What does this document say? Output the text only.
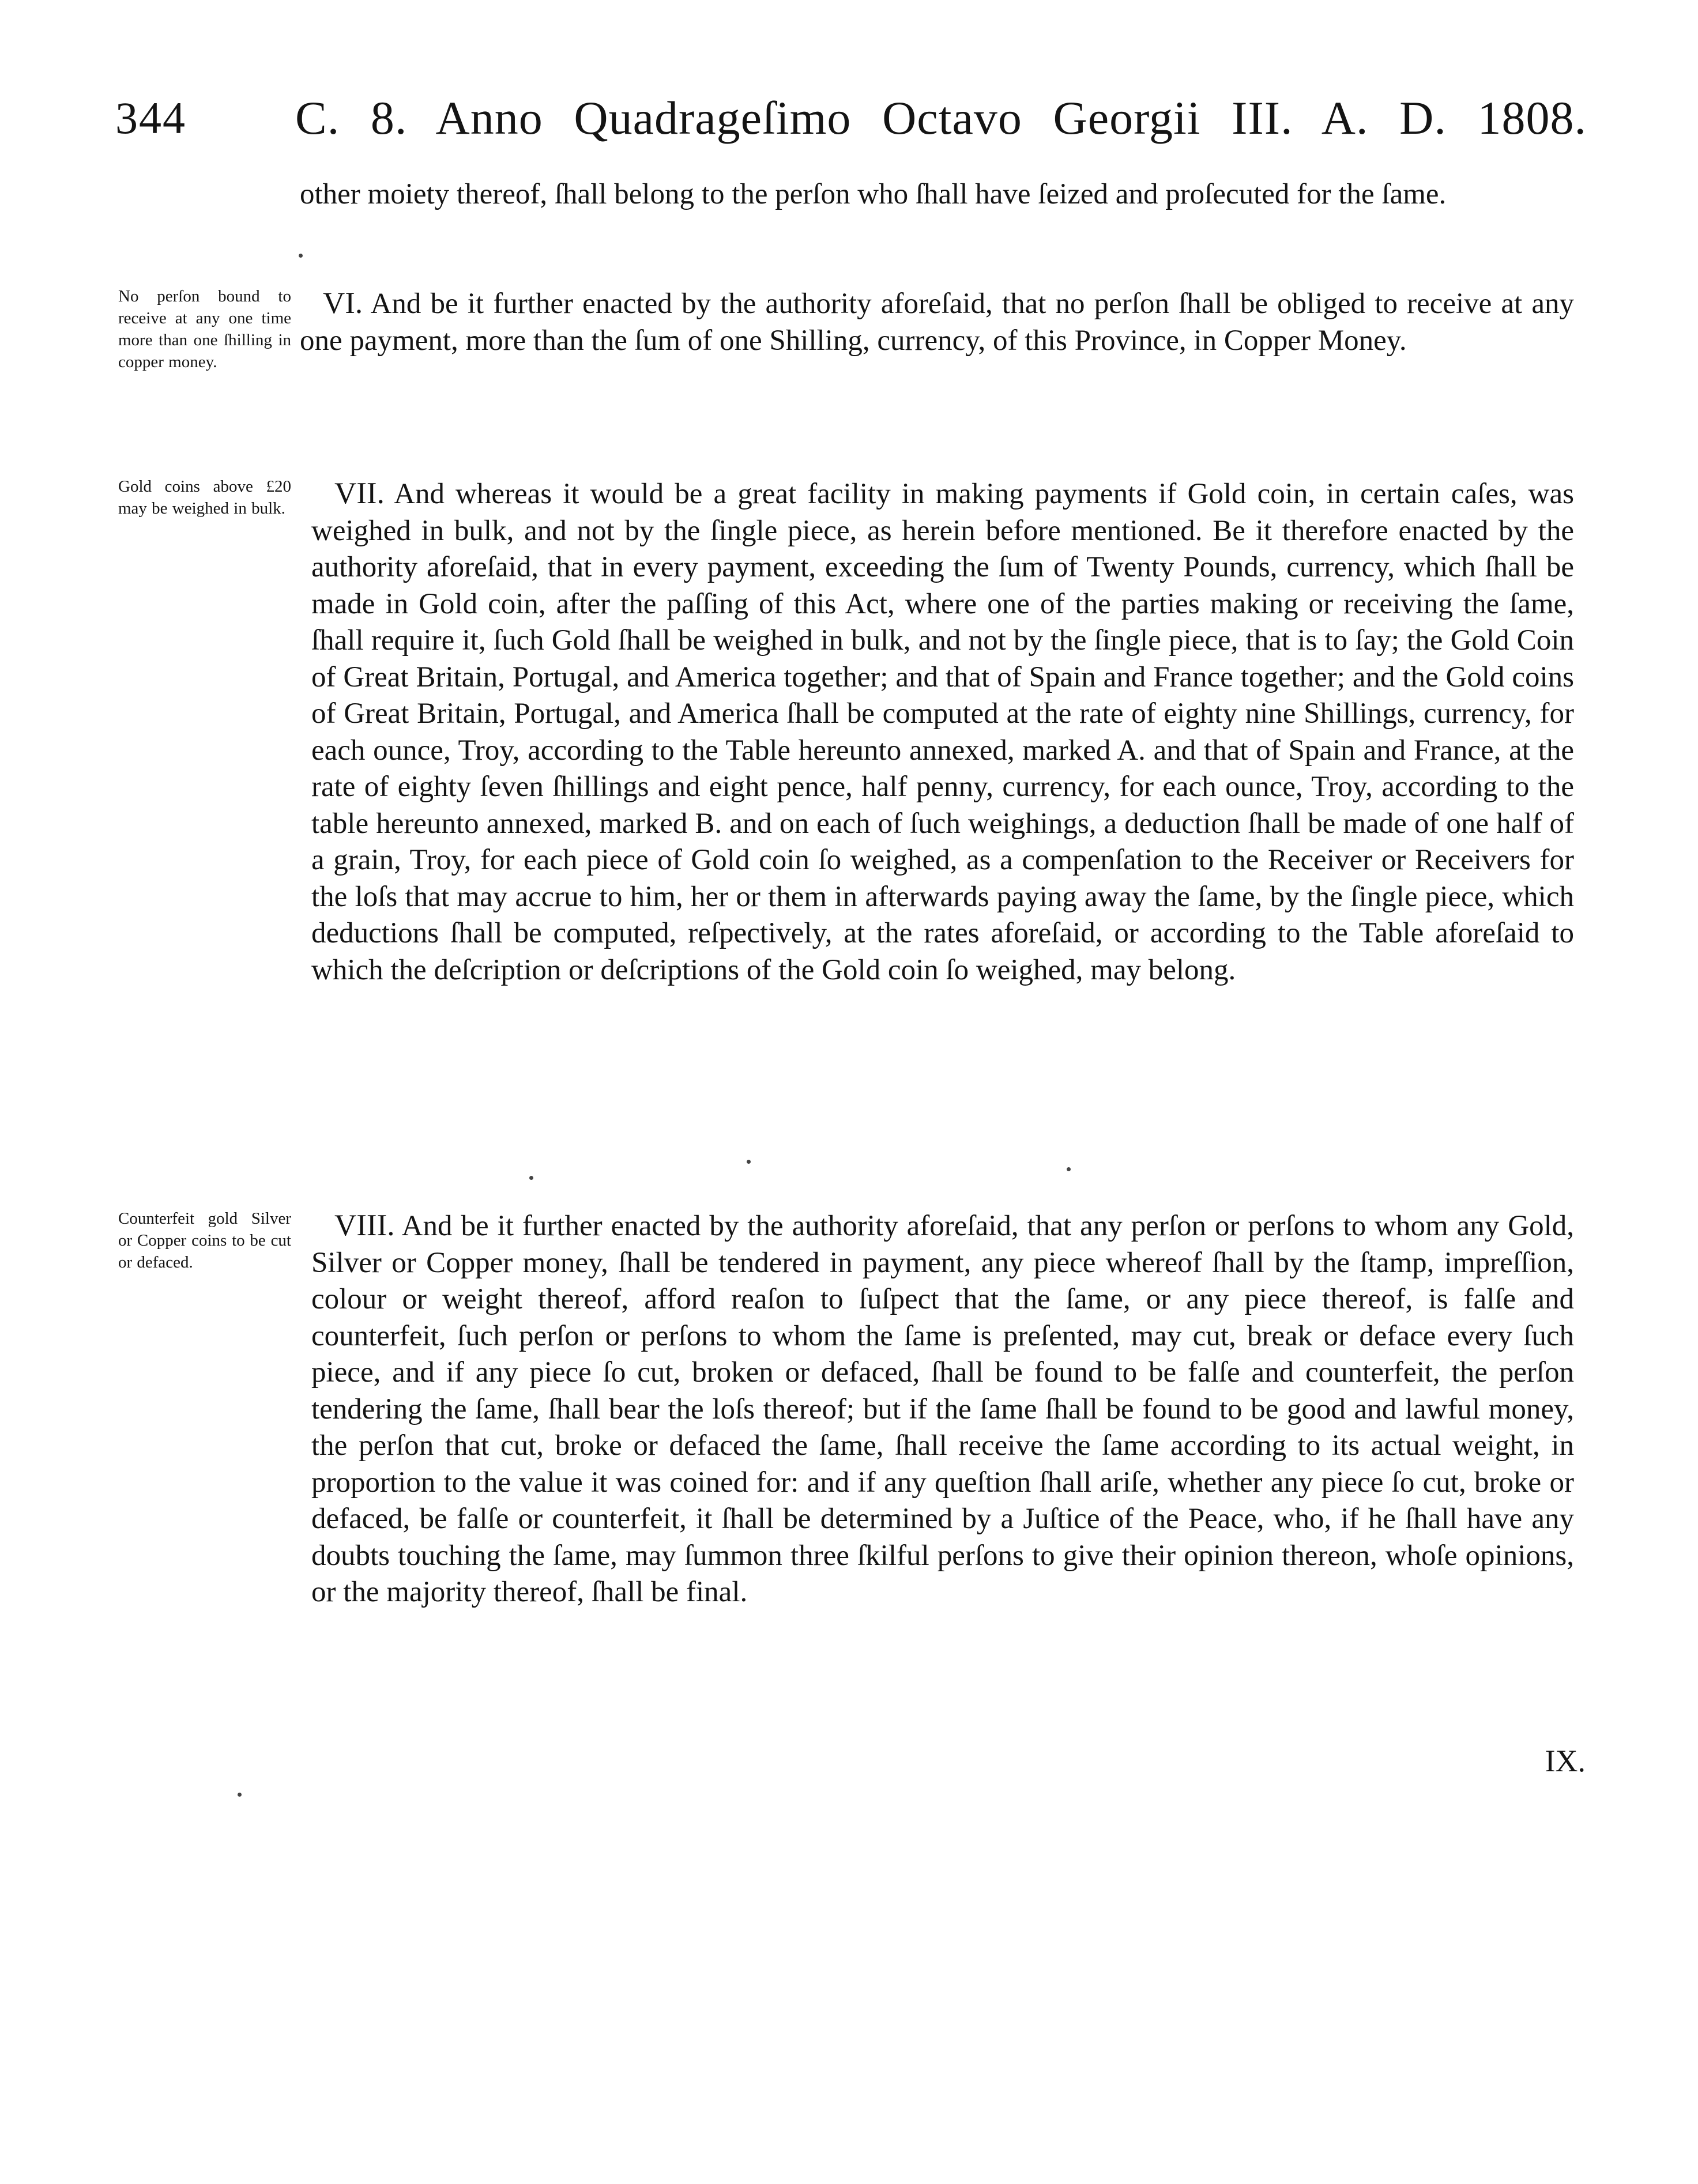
344 C. 8. Anno Quadrageſimo Octavo Georgii III. A. D. 1808.

other moiety thereof, ſhall belong to the perſon who ſhall have ſeized and proſecuted for the ſame.

No perſon bound to receive at any one time more than one ſhilling in copper money.

VI. And be it further enacted by the authority aforeſaid, that no perſon ſhall be obliged to receive at any one payment, more than the ſum of one Shilling, currency, of this Province, in Copper Money.

Gold coins above £20 may be weighed in bulk.	VII. And whereas it would be a great facility in making payments if Gold coin, in certain caſes, was weighed in bulk, and not by the ſingle piece, as herein before mentioned. Be it therefore enacted by the authority aforeſaid, that in every payment, exceeding the ſum of Twenty Pounds, currency, which ſhall be made in Gold coin, after the paſſing of this Act, where one of the parties making or receiving the ſame, ſhall require it, ſuch Gold ſhall be weighed in bulk, and not by the ſingle piece, that is to ſay; the Gold Coin of Great Britain, Portugal, and America together; and that of Spain and France together; and the Gold coins of Great Britain, Portugal, and America ſhall be computed at the rate of eighty nine Shillings, currency, for each ounce, Troy, according to the Table hereunto annexed, marked A. and that of Spain and France, at the rate of eighty ſeven ſhillings and eight pence, half penny, currency, for each ounce, Troy, according to the table hereunto annexed, marked B. and on each of ſuch weighings, a deduction ſhall be made of one half of a grain, Troy, for each piece of Gold coin ſo weighed, as a compenſation to the Receiver or Receivers for the loſs that may accrue to him, her or them in afterwards paying away the ſame, by the ſingle piece, which deductions ſhall be computed, reſpectively, at the rates aforeſaid, or according to the Table aforeſaid to which the deſcription or deſcriptions of the Gold coin ſo weighed, may belong.

Counterfeit gold Silver or Copper coins to be cut or defaced.

VIII. And be it further enacted by the authority aforeſaid, that any perſon or perſons to whom any Gold, Silver or Copper money, ſhall be tendered in payment, any piece whereof ſhall by the ſtamp, impreſſion, colour or weight thereof, afford reaſon to ſuſpect that the ſame, or any piece thereof, is falſe and counterfeit, ſuch perſon or perſons to whom the ſame is preſented, may cut, break or deface every ſuch piece, and if any piece ſo cut, broken or defaced, ſhall be found to be falſe and counterfeit, the perſon tendering the ſame, ſhall bear the loſs thereof; but if the ſame ſhall be found to be good and lawful money, the perſon that cut, broke or defaced the ſame, ſhall receive the ſame according to its actual weight, in proportion to the value it was coined for: and if any queſtion ſhall ariſe, whether any piece ſo cut, broke or defaced, be falſe or counterfeit, it ſhall be determined by a Juſtice of the Peace, who, if he ſhall have any doubts touching the ſame, may ſummon three ſkilful perſons to give their opinion thereon, whoſe opinions, or the majority thereof, ſhall be final.

IX.
